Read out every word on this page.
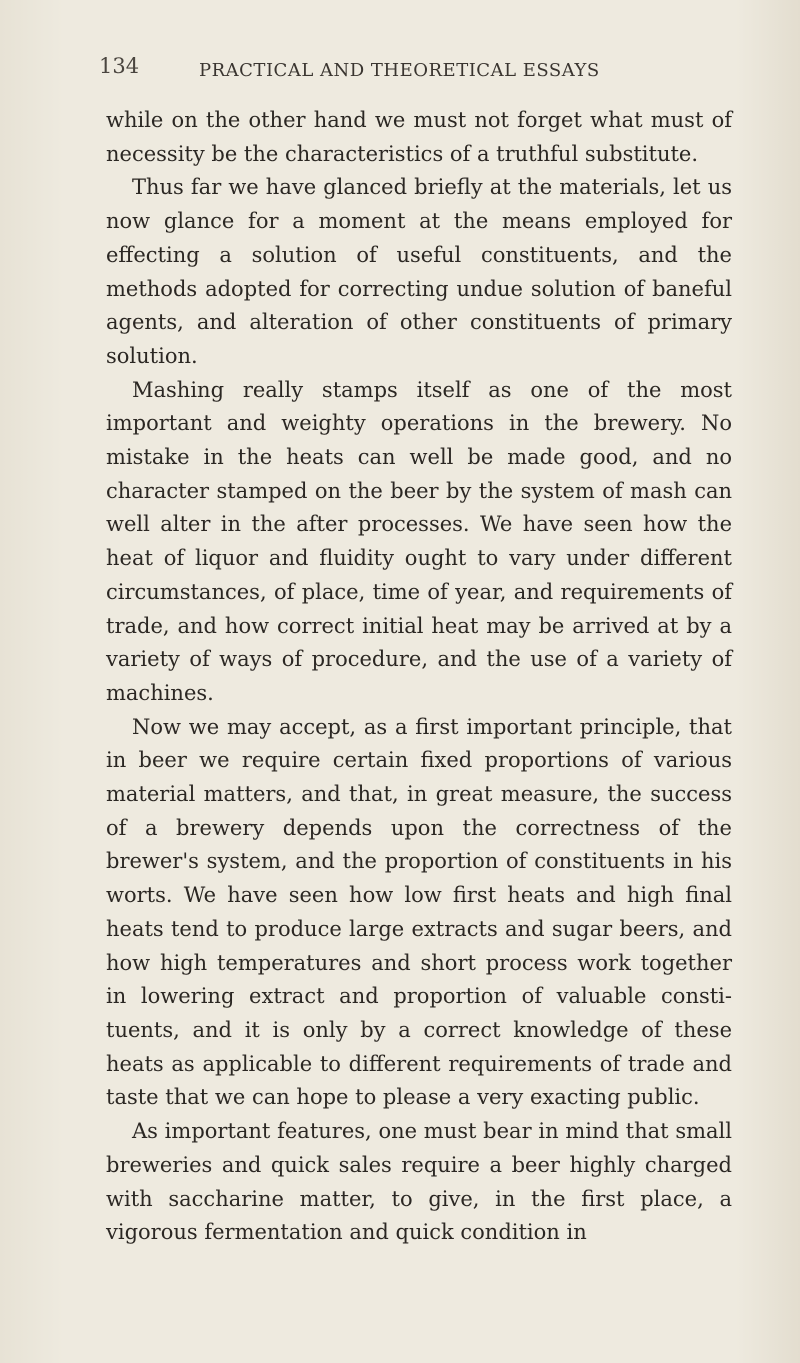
134	PRACTICAL AND THEORETICAL ESSAYS

while on the other hand we must not forget what must of necessity be the characteristics of a truthful substitute.

Thus far we have glanced briefly at the materials, let us now glance for a moment at the means employed for effecting a solution of useful constituents, and the methods adopted for correcting undue solution of baneful agents, and alteration of other constituents of primary solution.

Mashing really stamps itself as one of the most important and weighty operations in the brewery. No mistake in the heats can well be made good, and no character stamped on the beer by the system of mash can well alter in the after processes. We have seen how the heat of liquor and fluidity ought to vary under different circumstances, of place, time of year, and requirements of trade, and how correct initial heat may be arrived at by a variety of ways of procedure, and the use of a variety of machines.

Now we may accept, as a first important principle, that in beer we require certain fixed proportions of various material matters, and that, in great measure, the success of a brewery depends upon the correctness of the brewer's system, and the proportion of constituents in his worts. We have seen how low first heats and high final heats tend to produce large extracts and sugar beers, and how high temperatures and short process work together in lowering extract and proportion of valuable consti- tuents, and it is only by a correct knowledge of these heats as applicable to different requirements of trade and taste that we can hope to please a very exacting public.

As important features, one must bear in mind that small breweries and quick sales require a beer highly charged with saccharine matter, to give, in the first place, a vigorous fermentation and quick condition in
